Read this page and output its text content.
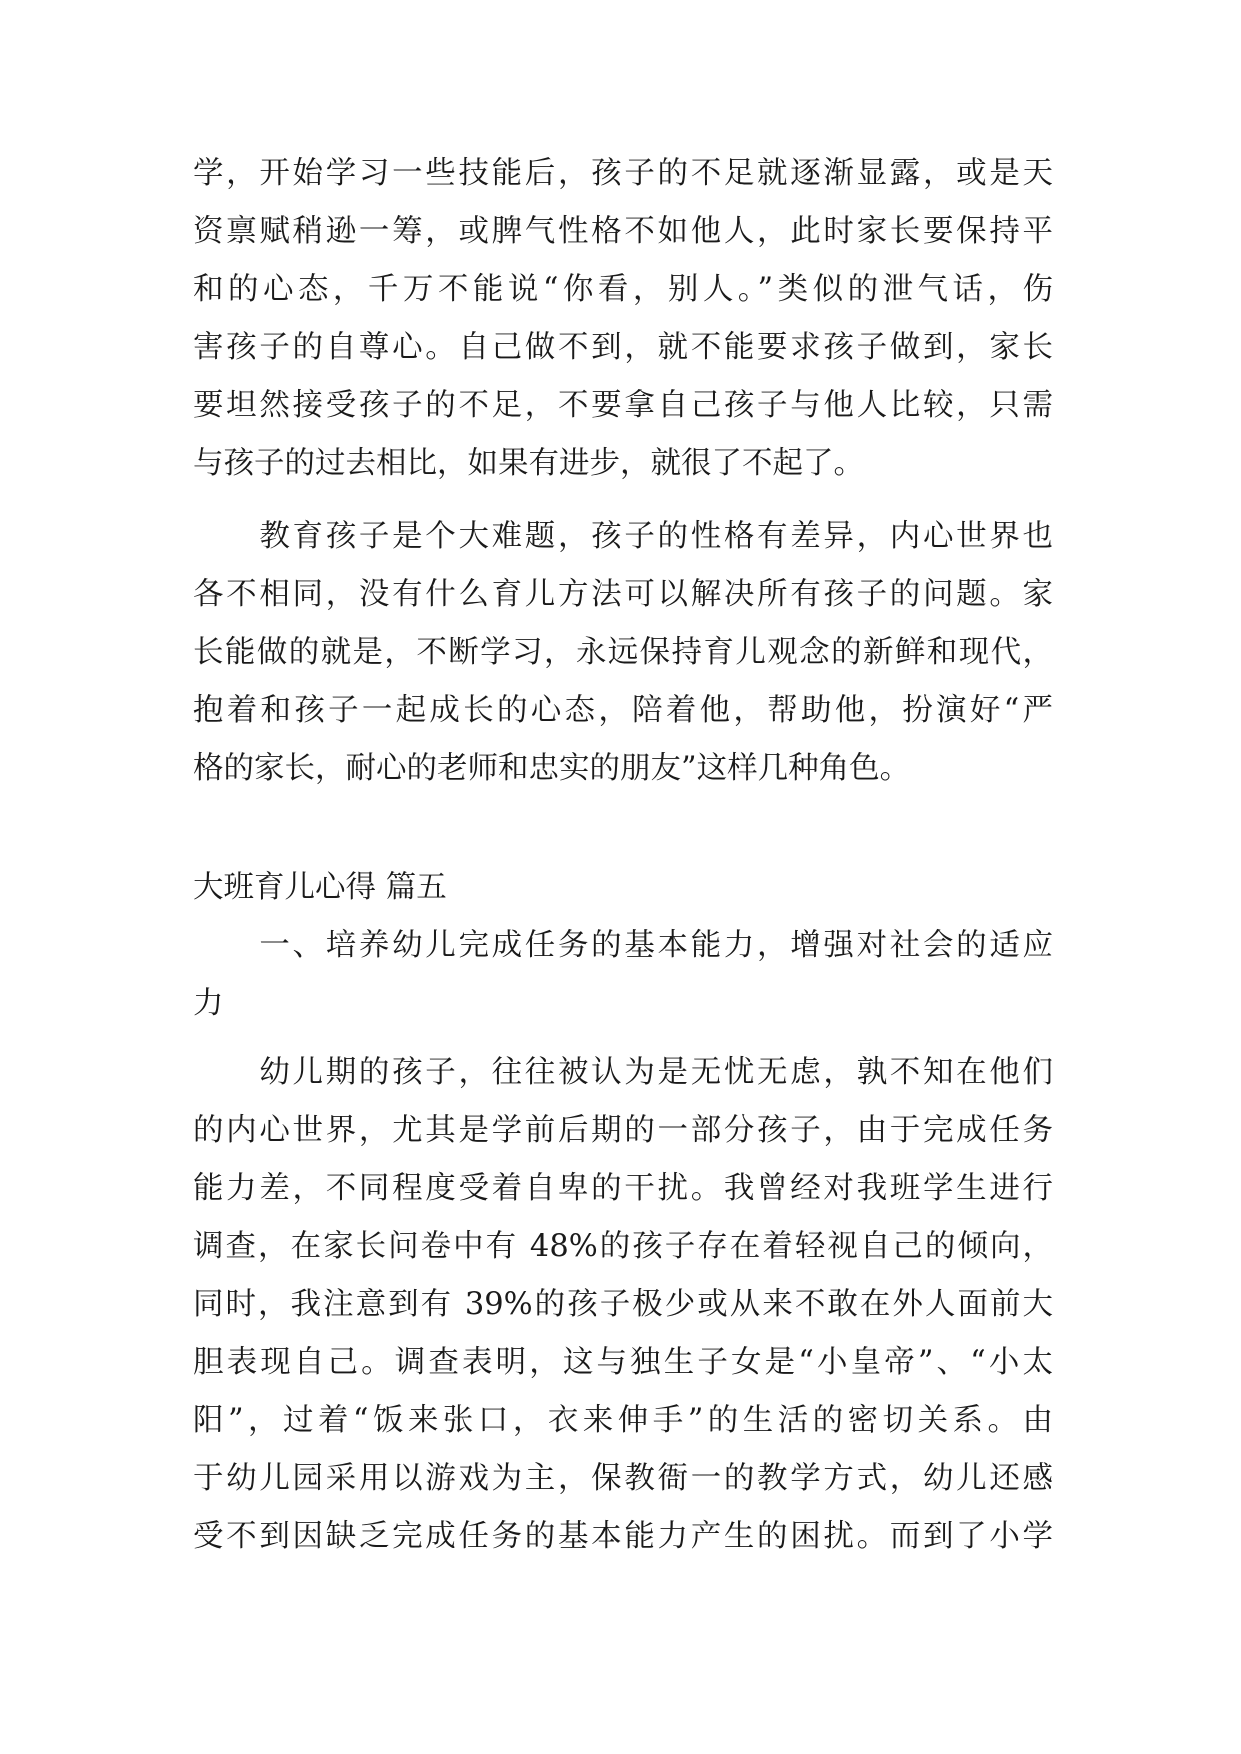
学，开始学习一些技能后，孩子的不足就逐渐显露，或是天
资禀赋稍逊一筹，或脾气性格不如他人，此时家长要保持平
和的心态，千万不能说“你看，别人。”类似的泄气话，伤
害孩子的自尊心。自己做不到，就不能要求孩子做到，家长
要坦然接受孩子的不足，不要拿自己孩子与他人比较，只需
与孩子的过去相比，如果有进步，就很了不起了。
　　教育孩子是个大难题，孩子的性格有差异，内心世界也
各不相同，没有什么育儿方法可以解决所有孩子的问题。家
长能做的就是，不断学习，永远保持育儿观念的新鲜和现代，
抱着和孩子一起成长的心态，陪着他，帮助他，扮演好“严
格的家长，耐心的老师和忠实的朋友”这样几种角色。
大班育儿心得 篇五
　　一、培养幼儿完成任务的基本能力，增强对社会的适应
力
　　幼儿期的孩子，往往被认为是无忧无虑，孰不知在他们
的内心世界，尤其是学前后期的一部分孩子，由于完成任务
能力差，不同程度受着自卑的干扰。我曾经对我班学生进行
调查，在家长问卷中有 48%的孩子存在着轻视自己的倾向，
同时，我注意到有 39%的孩子极少或从来不敢在外人面前大
胆表现自己。调查表明，这与独生子女是“小皇帝”、“小太
阳”，过着“饭来张口，衣来伸手”的生活的密切关系。由
于幼儿园采用以游戏为主，保教衙一的教学方式，幼儿还感
受不到因缺乏完成任务的基本能力产生的困扰。而到了小学
